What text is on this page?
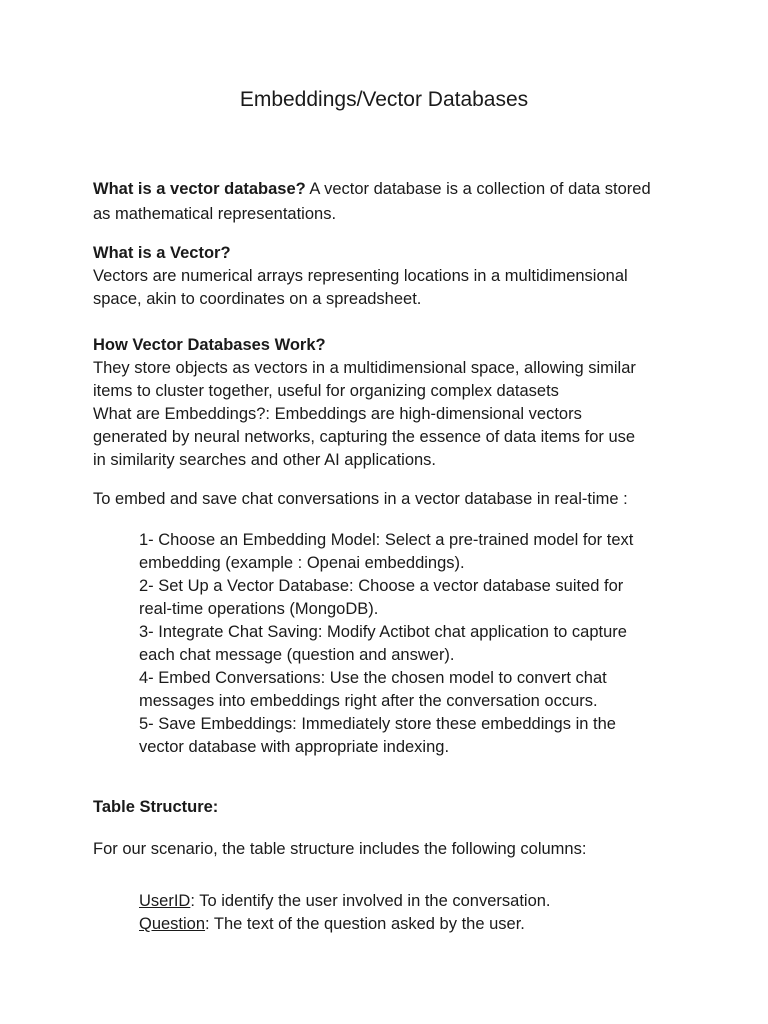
Embeddings/Vector Databases
What is a vector database? A vector database is a collection of data stored
as mathematical representations.
What is a Vector?
Vectors are numerical arrays representing locations in a multidimensional
space, akin to coordinates on a spreadsheet.
How Vector Databases Work?
They store objects as vectors in a multidimensional space, allowing similar
items to cluster together, useful for organizing complex datasets
What are Embeddings?: Embeddings are high-dimensional vectors
generated by neural networks, capturing the essence of data items for use
in similarity searches and other AI applications.
To embed and save chat conversations in a vector database in real-time :
1- Choose an Embedding Model: Select a pre-trained model for text
embedding (example : Openai embeddings).
2- Set Up a Vector Database: Choose a vector database suited for
real-time operations (MongoDB).
3- Integrate Chat Saving: Modify Actibot chat application to capture
each chat message (question and answer).
4- Embed Conversations: Use the chosen model to convert chat
messages into embeddings right after the conversation occurs.
5- Save Embeddings: Immediately store these embeddings in the
vector database with appropriate indexing.
Table Structure:
For our scenario, the table structure includes the following columns:
UserID: To identify the user involved in the conversation.
Question: The text of the question asked by the user.
